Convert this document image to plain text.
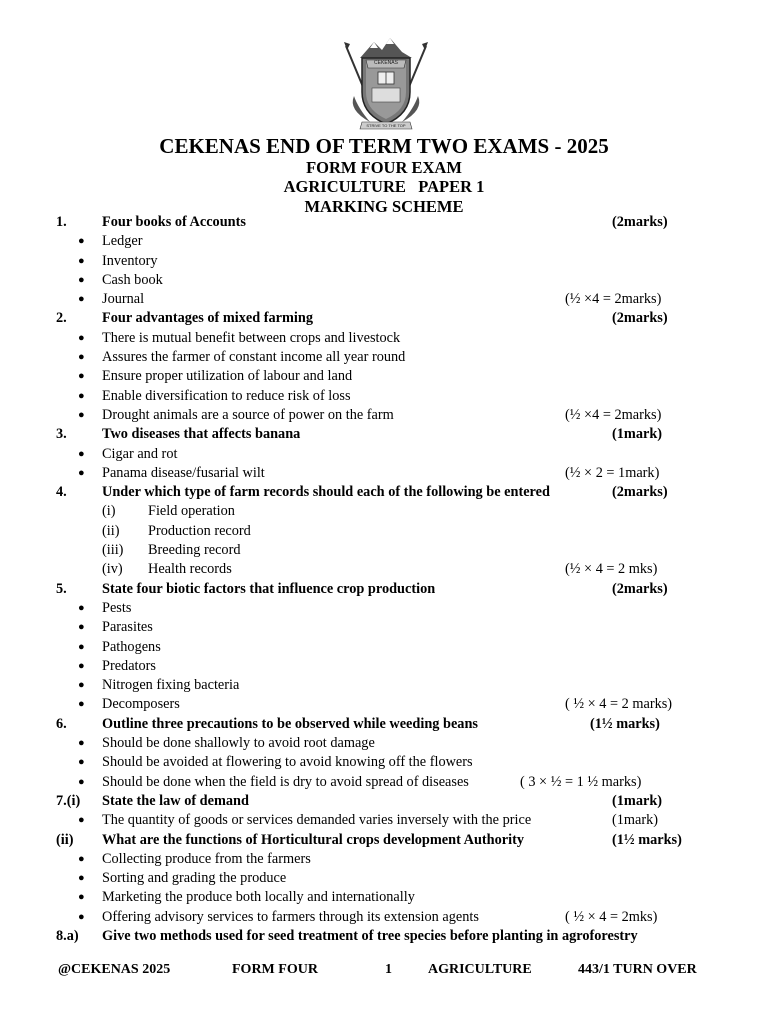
CEKENAS
STRIVE TO THE TOP
CEKENAS END OF TERM TWO EXAMS - 2025
FORM FOUR EXAM
AGRICULTURE   PAPER 1
MARKING SCHEME
1. Four books of Accounts	(2marks)
● Ledger
● Inventory
● Cash book
● Journal	(½ ×4 = 2marks)
2. Four advantages of mixed farming	(2marks)
● There is mutual benefit between crops and livestock
● Assures the farmer of constant income all year round
● Ensure proper utilization of labour and land
● Enable diversification to reduce risk of loss
● Drought animals are a source of power on the farm	(½ ×4 = 2marks)
3. Two diseases that affects banana	(1mark)
● Cigar and rot
● Panama disease/fusarial wilt	(½ × 2 = 1mark)
4. Under which type of farm records should each of the following be entered	(2marks)
(i) Field operation
(ii) Production record
(iii) Breeding record
(iv) Health records	(½ × 4 = 2 mks)
5. State four biotic factors that influence crop production	(2marks)
● Pests
● Parasites
● Pathogens
● Predators
● Nitrogen fixing bacteria
● Decomposers	( ½ × 4 = 2 marks)
6. Outline three precautions to be observed while weeding beans	(1½ marks)
● Should be done shallowly to avoid root damage
● Should be avoided at flowering to avoid knowing off the flowers
● Should be done when the field is dry to avoid spread of diseases	( 3 × ½ = 1 ½ marks)
7.(i) State the law of demand	(1mark)
● The quantity of goods or services demanded varies inversely with the price	(1mark)
(ii) What are the functions of Horticultural crops development Authority	(1½ marks)
● Collecting produce from the farmers
● Sorting and grading the produce
● Marketing the produce both locally and internationally
● Offering advisory services to farmers through its extension agents	( ½ × 4 = 2mks)
8.a) Give two methods used for seed treatment of tree species before planting in agroforestry
@CEKENAS 2025	FORM FOUR	1	AGRICULTURE	443/1 TURN OVER
